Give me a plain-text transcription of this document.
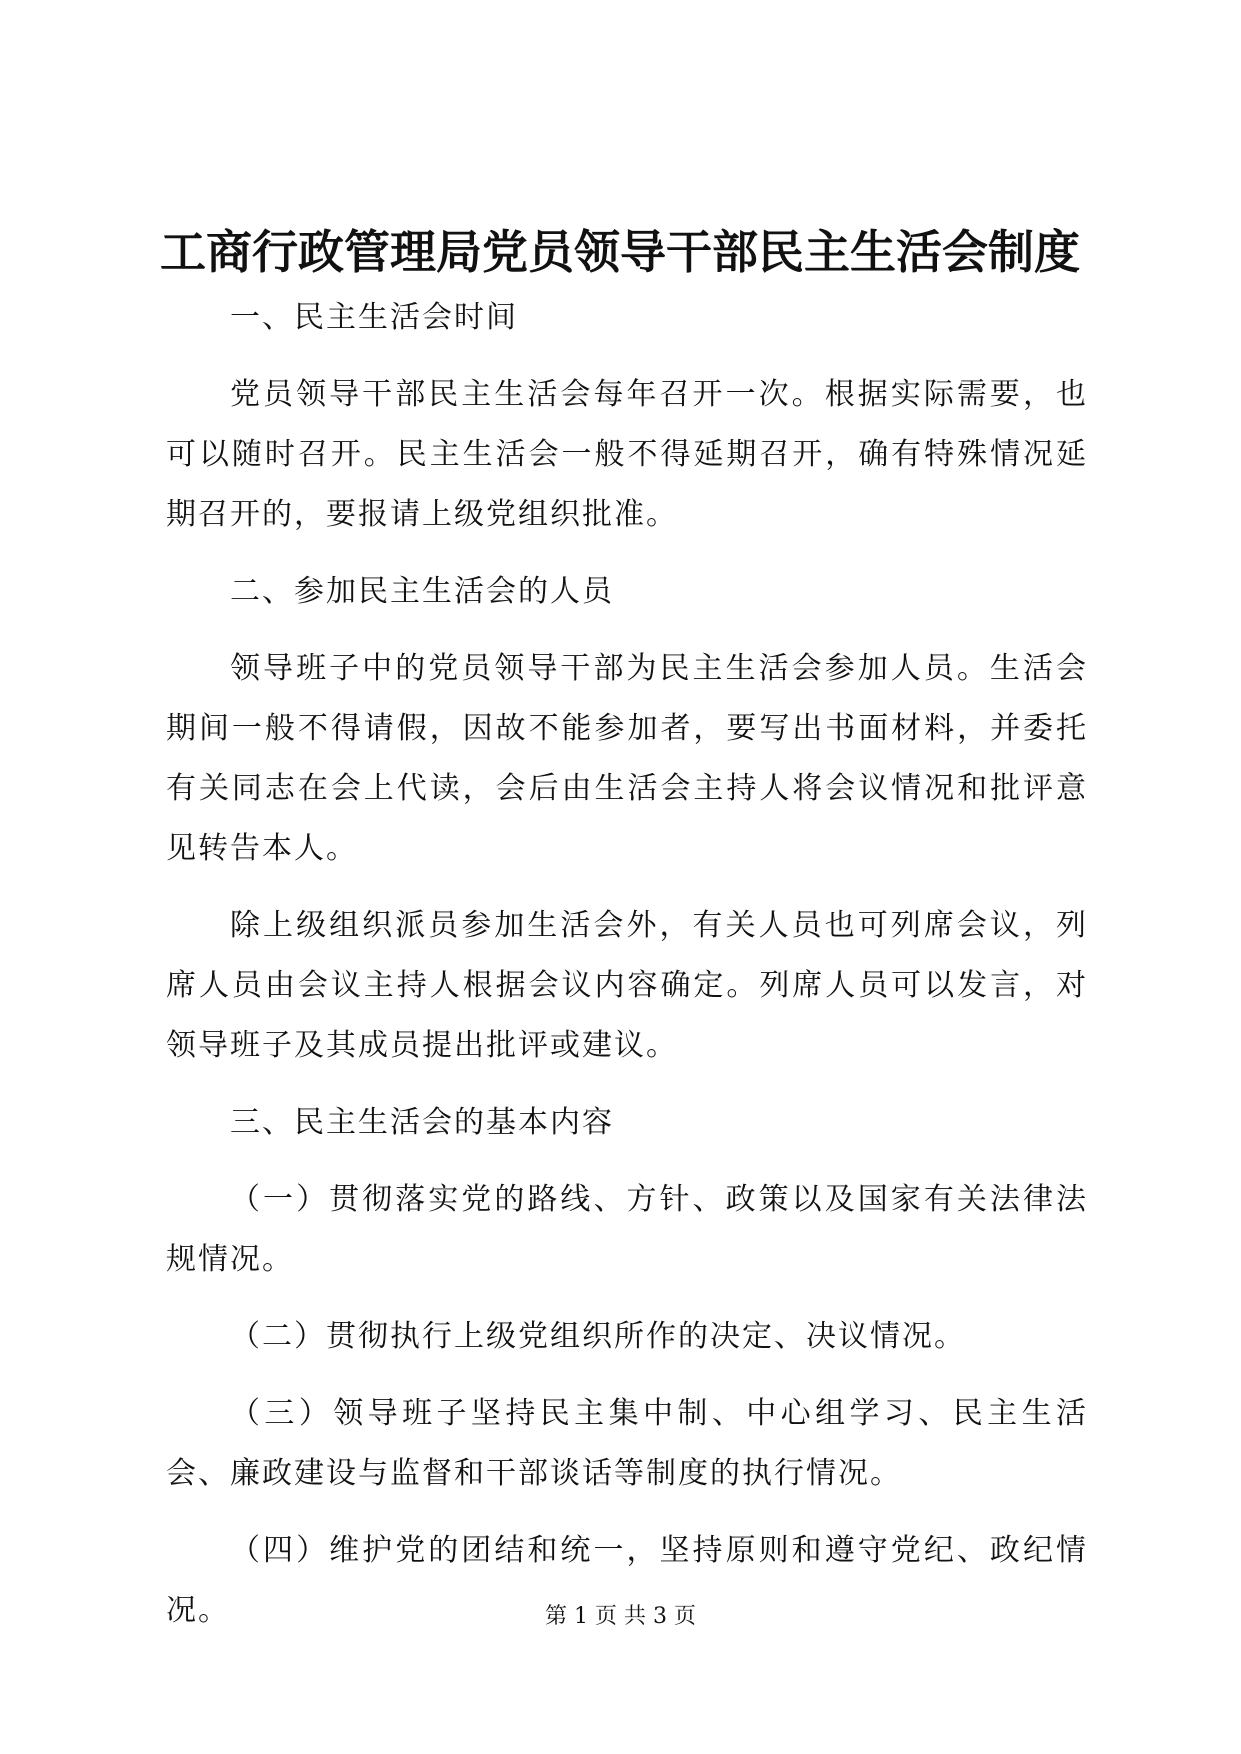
工商行政管理局党员领导干部民主生活会制度

一、民主生活会时间

党员领导干部民主生活会每年召开一次。根据实际需要，也可以随时召开。民主生活会一般不得延期召开，确有特殊情况延期召开的，要报请上级党组织批准。

二、参加民主生活会的人员

领导班子中的党员领导干部为民主生活会参加人员。生活会期间一般不得请假，因故不能参加者，要写出书面材料，并委托有关同志在会上代读，会后由生活会主持人将会议情况和批评意见转告本人。

除上级组织派员参加生活会外，有关人员也可列席会议，列席人员由会议主持人根据会议内容确定。列席人员可以发言，对领导班子及其成员提出批评或建议。

三、民主生活会的基本内容

（一）贯彻落实党的路线、方针、政策以及国家有关法律法规情况。

（二）贯彻执行上级党组织所作的决定、决议情况。

（三）领导班子坚持民主集中制、中心组学习、民主生活会、廉政建设与监督和干部谈话等制度的执行情况。

（四）维护党的团结和统一，坚持原则和遵守党纪、政纪情况。	第 1 页 共 3 页
